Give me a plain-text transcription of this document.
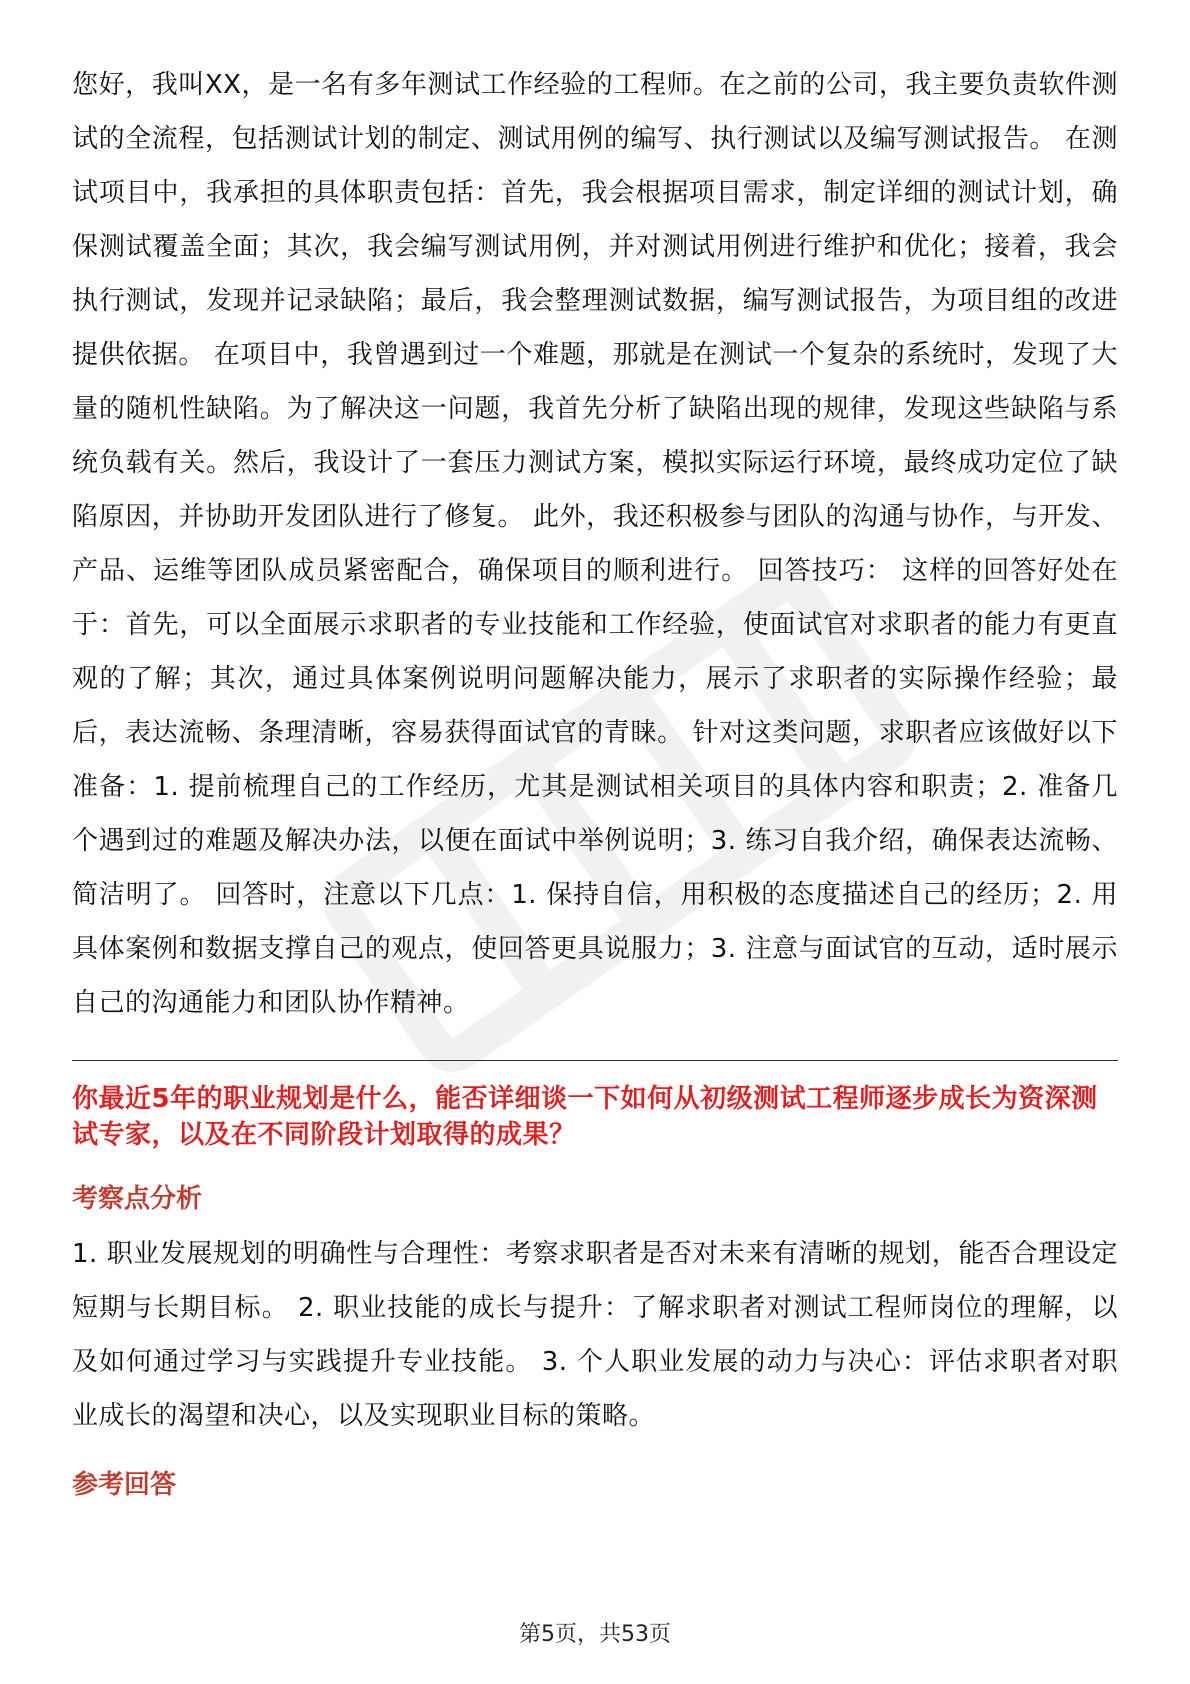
您好，我叫XX，是一名有多年测试工作经验的工程师。在之前的公司，我主要负责软件测试的全流程，包括测试计划的制定、测试用例的编写、执行测试以及编写测试报告。 在测试项目中，我承担的具体职责包括：首先，我会根据项目需求，制定详细的测试计划，确保测试覆盖全面；其次，我会编写测试用例，并对测试用例进行维护和优化；接着，我会执行测试，发现并记录缺陷；最后，我会整理测试数据，编写测试报告，为项目组的改进提供依据。 在项目中，我曾遇到过一个难题，那就是在测试一个复杂的系统时，发现了大量的随机性缺陷。为了解决这一问题，我首先分析了缺陷出现的规律，发现这些缺陷与系统负载有关。然后，我设计了一套压力测试方案，模拟实际运行环境，最终成功定位了缺陷原因，并协助开发团队进行了修复。 此外，我还积极参与团队的沟通与协作，与开发、产品、运维等团队成员紧密配合，确保项目的顺利进行。 回答技巧： 这样的回答好处在于：首先，可以全面展示求职者的专业技能和工作经验，使面试官对求职者的能力有更直观的了解；其次，通过具体案例说明问题解决能力，展示了求职者的实际操作经验；最后，表达流畅、条理清晰，容易获得面试官的青睐。 针对这类问题，求职者应该做好以下准备：1. 提前梳理自己的工作经历，尤其是测试相关项目的具体内容和职责；2. 准备几个遇到过的难题及解决办法，以便在面试中举例说明；3. 练习自我介绍，确保表达流畅、简洁明了。 回答时，注意以下几点：1. 保持自信，用积极的态度描述自己的经历；2. 用具体案例和数据支撑自己的观点，使回答更具说服力；3. 注意与面试官的互动，适时展示自己的沟通能力和团队协作精神。

你最近5年的职业规划是什么，能否详细谈一下如何从初级测试工程师逐步成长为资深测试专家，以及在不同阶段计划取得的成果？

考察点分析

1. 职业发展规划的明确性与合理性：考察求职者是否对未来有清晰的规划，能否合理设定短期与长期目标。 2. 职业技能的成长与提升：了解求职者对测试工程师岗位的理解，以及如何通过学习与实践提升专业技能。 3. 个人职业发展的动力与决心：评估求职者对职业成长的渴望和决心，以及实现职业目标的策略。

参考回答

第5页，共53页
